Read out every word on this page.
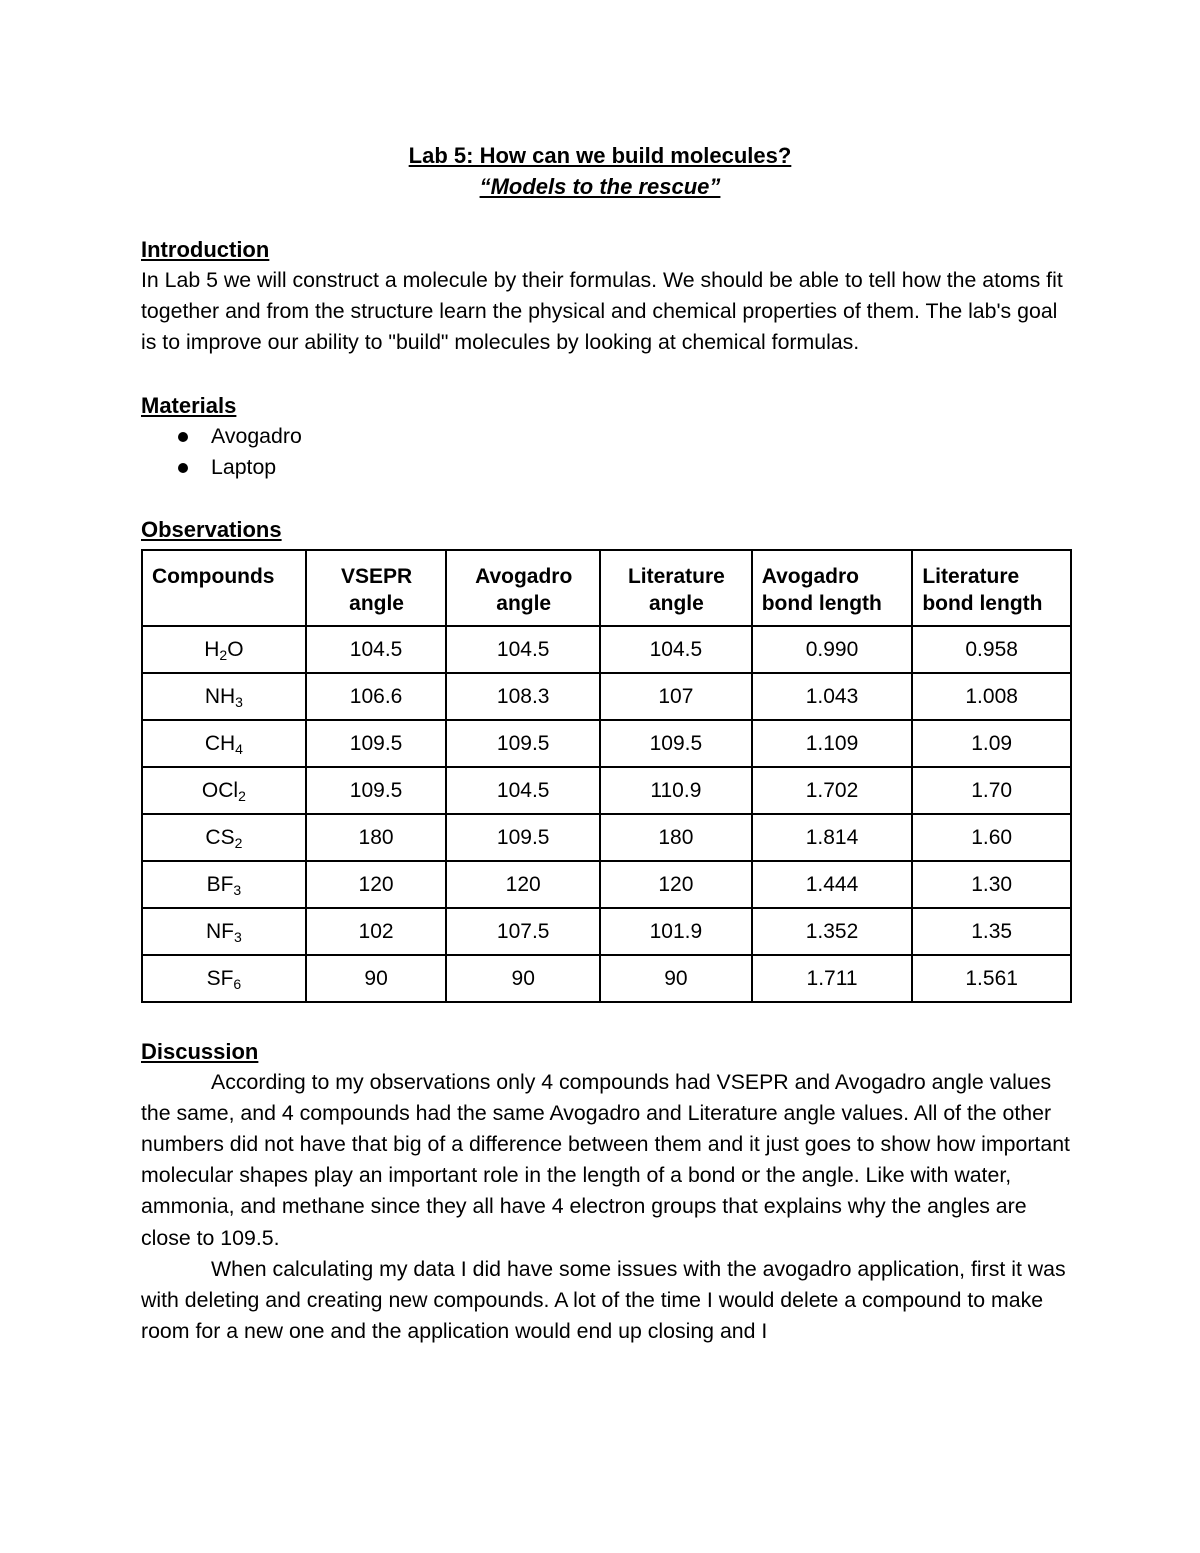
Lab 5: How can we build molecules?
“Models to the rescue”
Introduction

In Lab 5 we will construct a molecule by their formulas. We should be able to tell how the atoms fit together and from the structure learn the physical and chemical properties of them. The lab's goal is to improve our ability to "build" molecules by looking at chemical formulas.

Materials
Avogadro
Laptop
Observations
Compounds	VSEPR angle	Avogadro angle	Literature angle	Avogadro bond length	Literature bond length
$H_2O$	104.5	104.5	104.5	0.990	0.958
$NH_3$	106.6	108.3	107	1.043	1.008
$CH_4$	109.5	109.5	109.5	1.109	1.09
OCl$_2$	109.5	104.5	110.9	1.702	1.70
$CS_2$	180	109.5	180	1.814	1.60
$BF_3$	120	120	120	1.444	1.30
$NF_3$	102	107.5	101.9	1.352	1.35
$SF_6$	90	90	90	1.711	1.561
Discussion

According to my observations only 4 compounds had VSEPR and Avogadro angle values the same, and 4 compounds had the same Avogadro and Literature angle values. All of the other numbers did not have that big of a difference between them and it just goes to show how important molecular shapes play an important role in the length of a bond or the angle. Like with water, ammonia, and methane since they all have 4 electron groups that explains why the angles are close to 109.5.

When calculating my data I did have some issues with the avogadro application, first it was with deleting and creating new compounds. A lot of the time I would delete a compound to make room for a new one and the application would end up closing and I
